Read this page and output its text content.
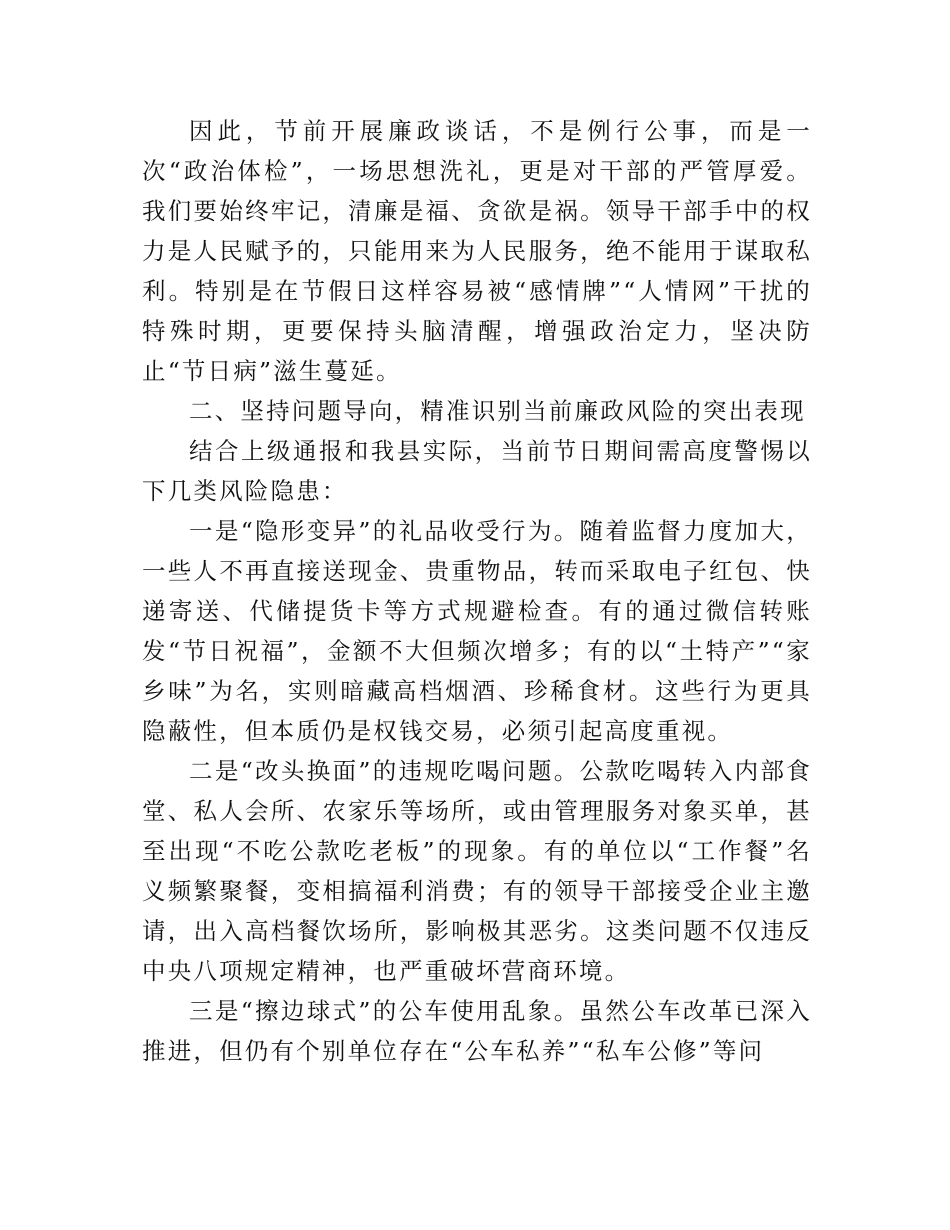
因此，节前开展廉政谈话，不是例行公事，而是一次“政治体检”，一场思想洗礼，更是对干部的严管厚爱。我们要始终牢记，清廉是福、贪欲是祸。领导干部手中的权力是人民赋予的，只能用来为人民服务，绝不能用于谋取私利。特别是在节假日这样容易被“感情牌”“人情网”干扰的特殊时期，更要保持头脑清醒，增强政治定力，坚决防止“节日病”滋生蔓延。

二、坚持问题导向，精准识别当前廉政风险的突出表现

结合上级通报和我县实际，当前节日期间需高度警惕以下几类风险隐患：

一是“隐形变异”的礼品收受行为。随着监督力度加大，一些人不再直接送现金、贵重物品，转而采取电子红包、快递寄送、代储提货卡等方式规避检查。有的通过微信转账发“节日祝福”，金额不大但频次增多；有的以“土特产”“家乡味”为名，实则暗藏高档烟酒、珍稀食材。这些行为更具隐蔽性，但本质仍是权钱交易，必须引起高度重视。

二是“改头换面”的违规吃喝问题。公款吃喝转入内部食堂、私人会所、农家乐等场所，或由管理服务对象买单，甚至出现“不吃公款吃老板”的现象。有的单位以“工作餐”名义频繁聚餐，变相搞福利消费；有的领导干部接受企业主邀请，出入高档餐饮场所，影响极其恶劣。这类问题不仅违反中央八项规定精神，也严重破坏营商环境。

三是“擦边球式”的公车使用乱象。虽然公车改革已深入推进，但仍有个别单位存在“公车私养”“私车公修”等问
